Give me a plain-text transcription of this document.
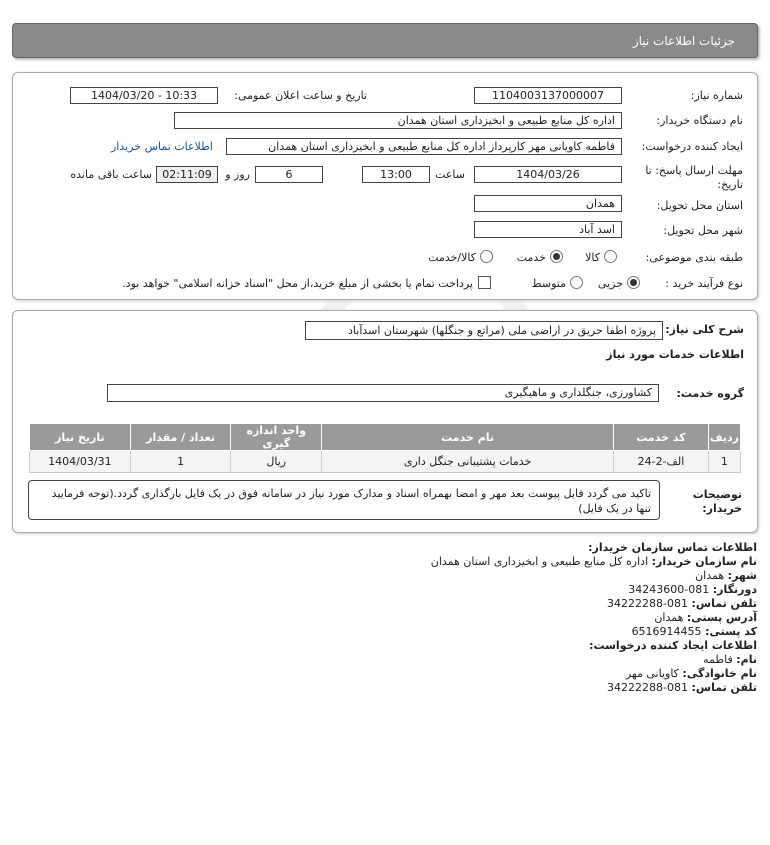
جزئیات اطلاعات نیاز
شماره نیاز:
1104003137000007
تاریخ و ساعت اعلان عمومی:
1404/03/20 - 10:33
نام دستگاه خریدار:
اداره کل منابع طبیعی و ابخیزداری استان همدان
ایجاد کننده درخواست:
فاطمه کاویانی مهر کارپرداز اداره کل منابع طبیعی و ابخیزداری استان همدان
اطلاعات تماس خریدار
مهلت ارسال پاسخ: تا تاریخ:
1404/03/26
ساعت
13:00
6
روز و
02:11:09
ساعت باقی مانده
استان محل تحویل:
همدان
شهر محل تحویل:
اسد آباد
طبقه بندی موضوعی:
کالا
خدمت
کالا/خدمت
نوع فرآیند خرید :
جزیی
متوسط
پرداخت تمام یا بخشی از مبلغ خرید،از محل "اسناد خزانه اسلامی" خواهد بود.
شرح کلی نیاز:
پروژه اطفا حریق در اراضی ملی (مراتع و جنگلها) شهرستان اسدآباد
اطلاعات خدمات مورد نیاز
گروه خدمت:
کشاورزی، جنگلداری و ماهیگیری
ردیف	کد خدمت	نام خدمت	واحد اندازه گیری	تعداد / مقدار	تاریخ نیاز
1	الف-2-24	خدمات پشتیبانی جنگل داری	ریال	1	1404/03/31
توضیحات خریدار:
تاکید می گردد فایل پیوست بعد مهر و امضا بهمراه اسناد و مدارک مورد نیاز در سامانه فوق در یک فایل بارگذاری گردد.(توجه فرمایید تنها در یک فایل)
اطلاعات تماس سازمان خریدار:
نام سازمان خریدار: اداره کل منابع طبیعی و ابخیزداری استان همدان
شهر: همدان
دورنگار: 081-34243600
تلفن تماس: 081-34222288
آدرس پستی: همدان
کد پستی: 6516914455
اطلاعات ایجاد کننده درخواست:
نام: فاطمه
نام خانوادگی: کاویانی مهر
تلفن تماس: 081-34222288
